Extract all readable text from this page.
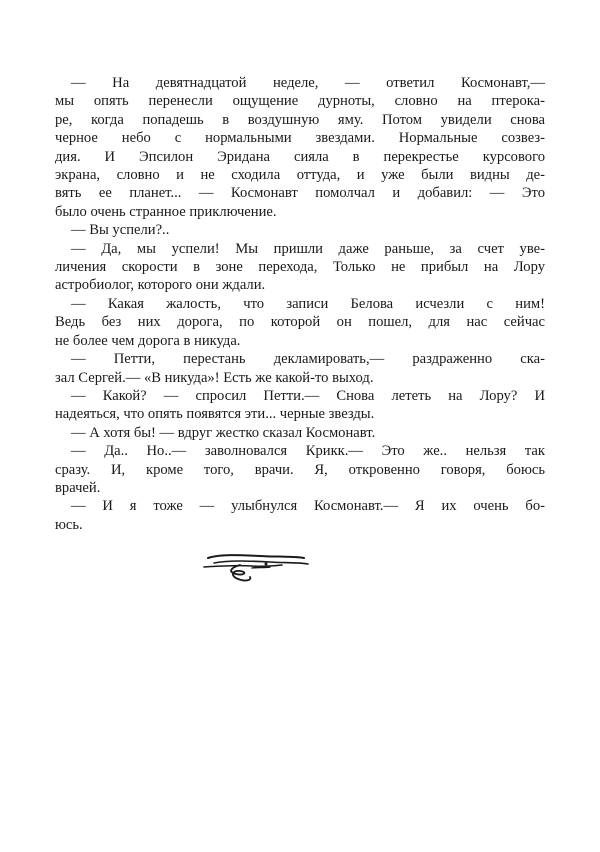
— На девятнадцатой неделе, — ответил Космонавт,—
мы опять перенесли ощущение дурноты, словно на птерока-
ре, когда попадешь в воздушную яму. Потом увидели снова
черное небо с нормальными звездами. Нормальные созвез-
дия. И Эпсилон Эридана сияла в перекрестье курсового
экрана, словно и не сходила оттуда, и уже были видны де-
вять ее планет... — Космонавт помолчал и добавил: — Это
было очень странное приключение.
— Вы успели?..
— Да, мы успели! Мы пришли даже раньше, за счет уве-
личения скорости в зоне перехода, Только не прибыл на Лору
астробиолог, которого они ждали.
— Какая жалость, что записи Белова исчезли с ним!
Ведь без них дорога, по которой он пошел, для нас сейчас
не более чем дорога в никуда.
— Петти, перестань декламировать,— раздраженно ска-
зал Сергей.— «В никуда»! Есть же какой-то выход.
— Какой? — спросил Петти.— Снова лететь на Лору? И
надеяться, что опять появятся эти... черные звезды.
— А хотя бы! — вдруг жестко сказал Космонавт.
— Да.. Но..— заволновался Крикк.— Это же.. нельзя так
сразу. И, кроме того, врачи. Я, откровенно говоря, боюсь
врачей.
— И я тоже — улыбнулся Космонавт.— Я их очень бо-
юсь.
